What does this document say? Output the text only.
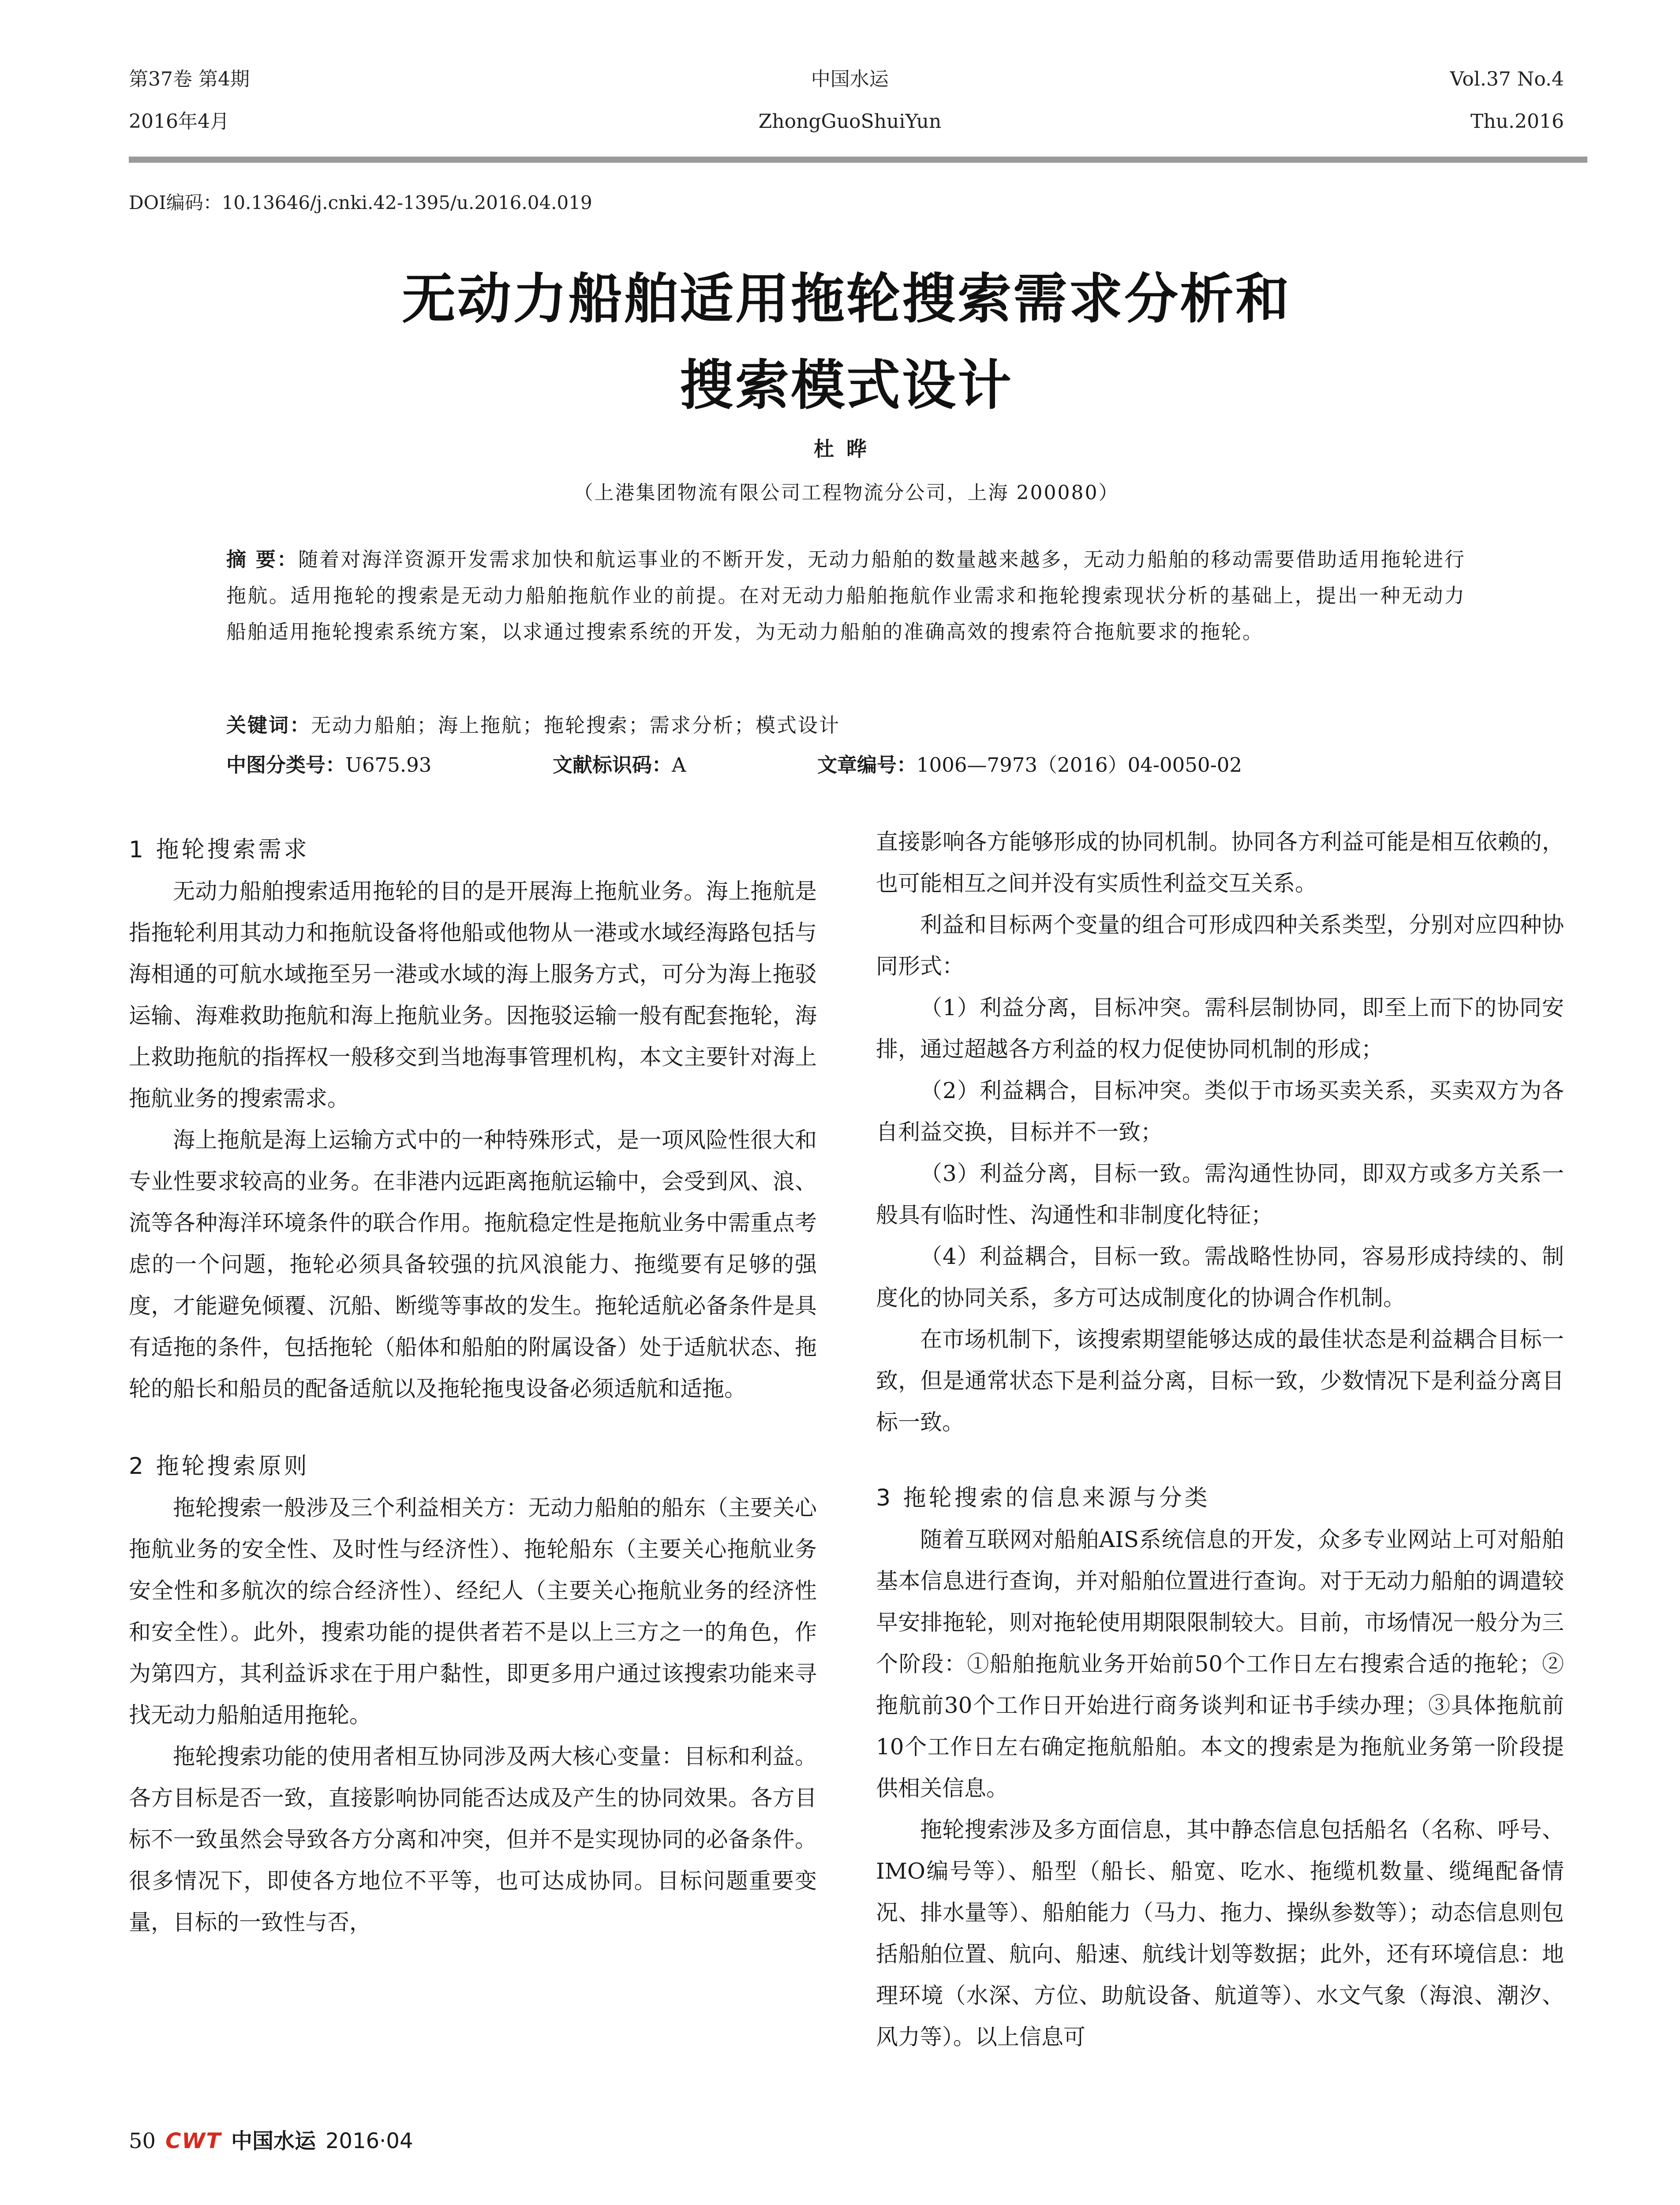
第37卷 第4期	中国水运	Vol.37 No.4
2016年4月	ZhongGuoShuiYun	Thu.2016
DOI编码：10.13646/j.cnki.42-1395/u.2016.04.019
无动力船舶适用拖轮搜索需求分析和
搜索模式设计
杜晔
（上港集团物流有限公司工程物流分公司，上海 200080）
摘 要：随着对海洋资源开发需求加快和航运事业的不断开发，无动力船舶的数量越来越多，无动力船舶的移动需要借助适用拖轮进行拖航。适用拖轮的搜索是无动力船舶拖航作业的前提。在对无动力船舶拖航作业需求和拖轮搜索现状分析的基础上，提出一种无动力船舶适用拖轮搜索系统方案，以求通过搜索系统的开发，为无动力船舶的准确高效的搜索符合拖航要求的拖轮。
关键词：无动力船舶；海上拖航；拖轮搜索；需求分析；模式设计
中图分类号：U675.93	文献标识码：A	文章编号：1006—7973（2016）04-0050-02
1 拖轮搜索需求

无动力船舶搜索适用拖轮的目的是开展海上拖航业务。海上拖航是指拖轮利用其动力和拖航设备将他船或他物从一港或水域经海路包括与海相通的可航水域拖至另一港或水域的海上服务方式，可分为海上拖驳运输、海难救助拖航和海上拖航业务。因拖驳运输一般有配套拖轮，海上救助拖航的指挥权一般移交到当地海事管理机构，本文主要针对海上拖航业务的搜索需求。

海上拖航是海上运输方式中的一种特殊形式，是一项风险性很大和专业性要求较高的业务。在非港内远距离拖航运输中，会受到风、浪、流等各种海洋环境条件的联合作用。拖航稳定性是拖航业务中需重点考虑的一个问题，拖轮必须具备较强的抗风浪能力、拖缆要有足够的强度，才能避免倾覆、沉船、断缆等事故的发生。拖轮适航必备条件是具有适拖的条件，包括拖轮（船体和船舶的附属设备）处于适航状态、拖轮的船长和船员的配备适航以及拖轮拖曳设备必须适航和适拖。

2 拖轮搜索原则

拖轮搜索一般涉及三个利益相关方：无动力船舶的船东（主要关心拖航业务的安全性、及时性与经济性）、拖轮船东（主要关心拖航业务安全性和多航次的综合经济性）、经纪人（主要关心拖航业务的经济性和安全性）。此外，搜索功能的提供者若不是以上三方之一的角色，作为第四方，其利益诉求在于用户黏性，即更多用户通过该搜索功能来寻找无动力船舶适用拖轮。

拖轮搜索功能的使用者相互协同涉及两大核心变量：目标和利益。各方目标是否一致，直接影响协同能否达成及产生的协同效果。各方目标不一致虽然会导致各方分离和冲突，但并不是实现协同的必备条件。很多情况下，即使各方地位不平等，也可达成协同。目标问题重要变量，目标的一致性与否，

直接影响各方能够形成的协同机制。协同各方利益可能是相互依赖的，也可能相互之间并没有实质性利益交互关系。

利益和目标两个变量的组合可形成四种关系类型，分别对应四种协同形式：

（1）利益分离，目标冲突。需科层制协同，即至上而下的协同安排，通过超越各方利益的权力促使协同机制的形成；

（2）利益耦合，目标冲突。类似于市场买卖关系，买卖双方为各自利益交换，目标并不一致；

（3）利益分离，目标一致。需沟通性协同，即双方或多方关系一般具有临时性、沟通性和非制度化特征；

（4）利益耦合，目标一致。需战略性协同，容易形成持续的、制度化的协同关系，多方可达成制度化的协调合作机制。

在市场机制下，该搜索期望能够达成的最佳状态是利益耦合目标一致，但是通常状态下是利益分离，目标一致，少数情况下是利益分离目标一致。

3 拖轮搜索的信息来源与分类

随着互联网对船舶AIS系统信息的开发，众多专业网站上可对船舶基本信息进行查询，并对船舶位置进行查询。对于无动力船舶的调遣较早安排拖轮，则对拖轮使用期限限制较大。目前，市场情况一般分为三个阶段：①船舶拖航业务开始前50个工作日左右搜索合适的拖轮；②拖航前30个工作日开始进行商务谈判和证书手续办理；③具体拖航前10个工作日左右确定拖航船舶。本文的搜索是为拖航业务第一阶段提供相关信息。

拖轮搜索涉及多方面信息，其中静态信息包括船名（名称、呼号、IMO编号等）、船型（船长、船宽、吃水、拖缆机数量、缆绳配备情况、排水量等）、船舶能力（马力、拖力、操纵参数等）；动态信息则包括船舶位置、航向、船速、航线计划等数据；此外，还有环境信息：地理环境（水深、方位、助航设备、航道等）、水文气象（海浪、潮汐、风力等）。以上信息可

50 CWT 中国水运 2016·04
